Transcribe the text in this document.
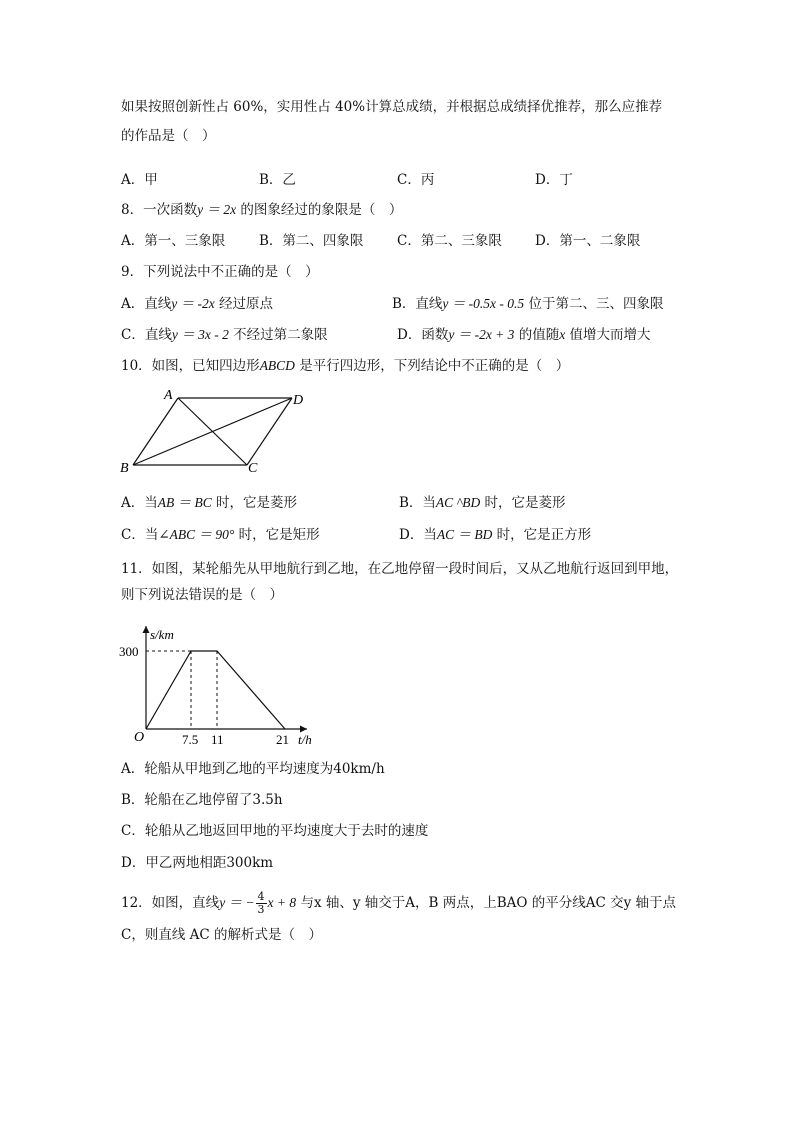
如果按照创新性占 60%，实用性占 40%计算总成绩，并根据总成绩择优推荐，那么应推荐
的作品是（　）
A．甲	B．乙	C．丙	D．丁
8．一次函数y ＝ 2x 的图象经过的象限是（　）
A．第一、三象限	B．第二、四象限 C．第二、三象限 D．第一、二象限
9．下列说法中不正确的是（　）
A．直线y ＝ -2x 经过原点	B．直线y ＝ -0.5x - 0.5 位于第二、三、四象限
C．直线y ＝ 3x - 2 不经过第二象限	D．函数y ＝ -2x + 3 的值随x 值增大而增大
10．如图，已知四边形ABCD 是平行四边形，下列结论中不正确的是（　）
A	D
B	C
A．当AB ＝ BC 时，它是菱形	B．当AC ^BD 时，它是菱形
C．当∠ABC ＝ 90° 时，它是矩形	D．当AC ＝ BD 时，它是正方形
11．如图，某轮船先从甲地航行到乙地，在乙地停留一段时间后，又从乙地航行返回到甲地，
则下列说法错误的是（　）
s/km
300
O	7.5 11	21 t/h
A．轮船从甲地到乙地的平均速度为40km/h
B．轮船在乙地停留了3.5h
C．轮船从乙地返回甲地的平均速度大于去时的速度
D．甲乙两地相距300km
12．如图，直线y ＝ − $\frac{4}{3}$ x + 8 与x 轴、y 轴交于A，B 两点，上BAO 的平分线AC 交y 轴于点
C，则直线 AC 的解析式是（　）
